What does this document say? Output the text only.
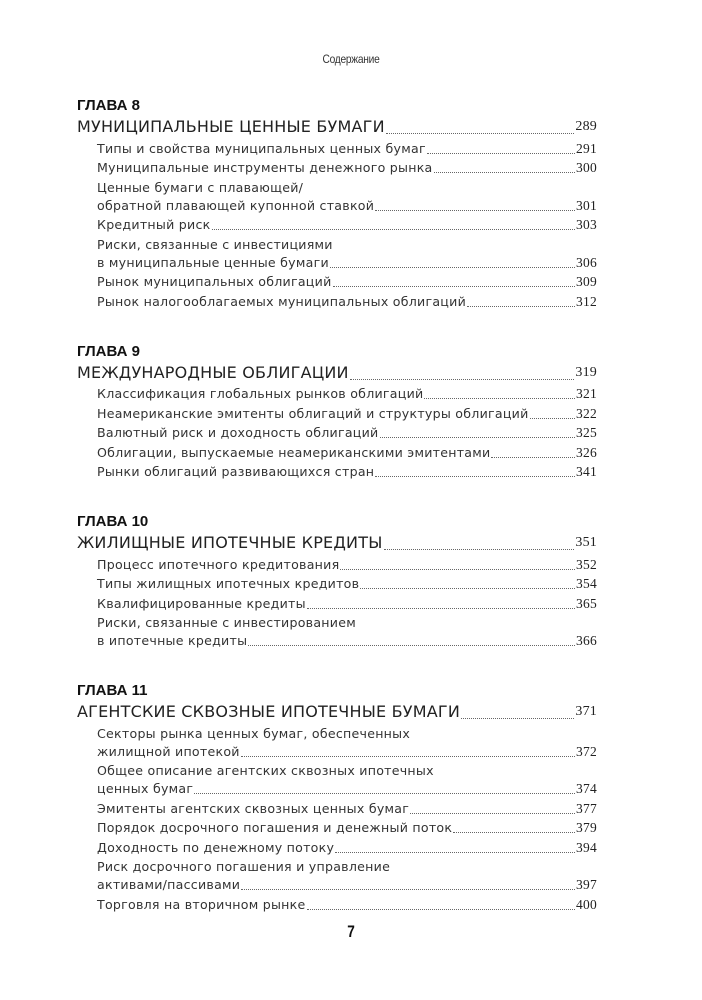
Содержание
ГЛАВА 8
МУНИЦИПАЛЬНЫЕ ЦЕННЫЕ БУМАГИ	289
Типы и свойства муниципальных ценных бумаг	291
Муниципальные инструменты денежного рынка	300
Ценные бумаги с плавающей/
обратной плавающей купонной ставкой	301
Кредитный риск	303
Риски, связанные с инвестициями
в муниципальные ценные бумаги	306
Рынок муниципальных облигаций	309
Рынок налогооблагаемых муниципальных облигаций	312
ГЛАВА 9
МЕЖДУНАРОДНЫЕ ОБЛИГАЦИИ	319
Классификация глобальных рынков облигаций	321
Неамериканские эмитенты облигаций и структуры облигаций	322
Валютный риск и доходность облигаций	325
Облигации, выпускаемые неамериканскими эмитентами	326
Рынки облигаций развивающихся стран	341
ГЛАВА 10
ЖИЛИЩНЫЕ ИПОТЕЧНЫЕ КРЕДИТЫ	351
Процесс ипотечного кредитования	352
Типы жилищных ипотечных кредитов	354
Квалифицированные кредиты	365
Риски, связанные с инвестированием
в ипотечные кредиты	366
ГЛАВА 11
АГЕНТСКИЕ СКВОЗНЫЕ ИПОТЕЧНЫЕ БУМАГИ	371
Секторы рынка ценных бумаг, обеспеченных
жилищной ипотекой	372
Общее описание агентских сквозных ипотечных
ценных бумаг	374
Эмитенты агентских сквозных ценных бумаг	377
Порядок досрочного погашения и денежный поток	379
Доходность по денежному потоку	394
Риск досрочного погашения и управление
активами/пассивами	397
Торговля на вторичном рынке	400
7
